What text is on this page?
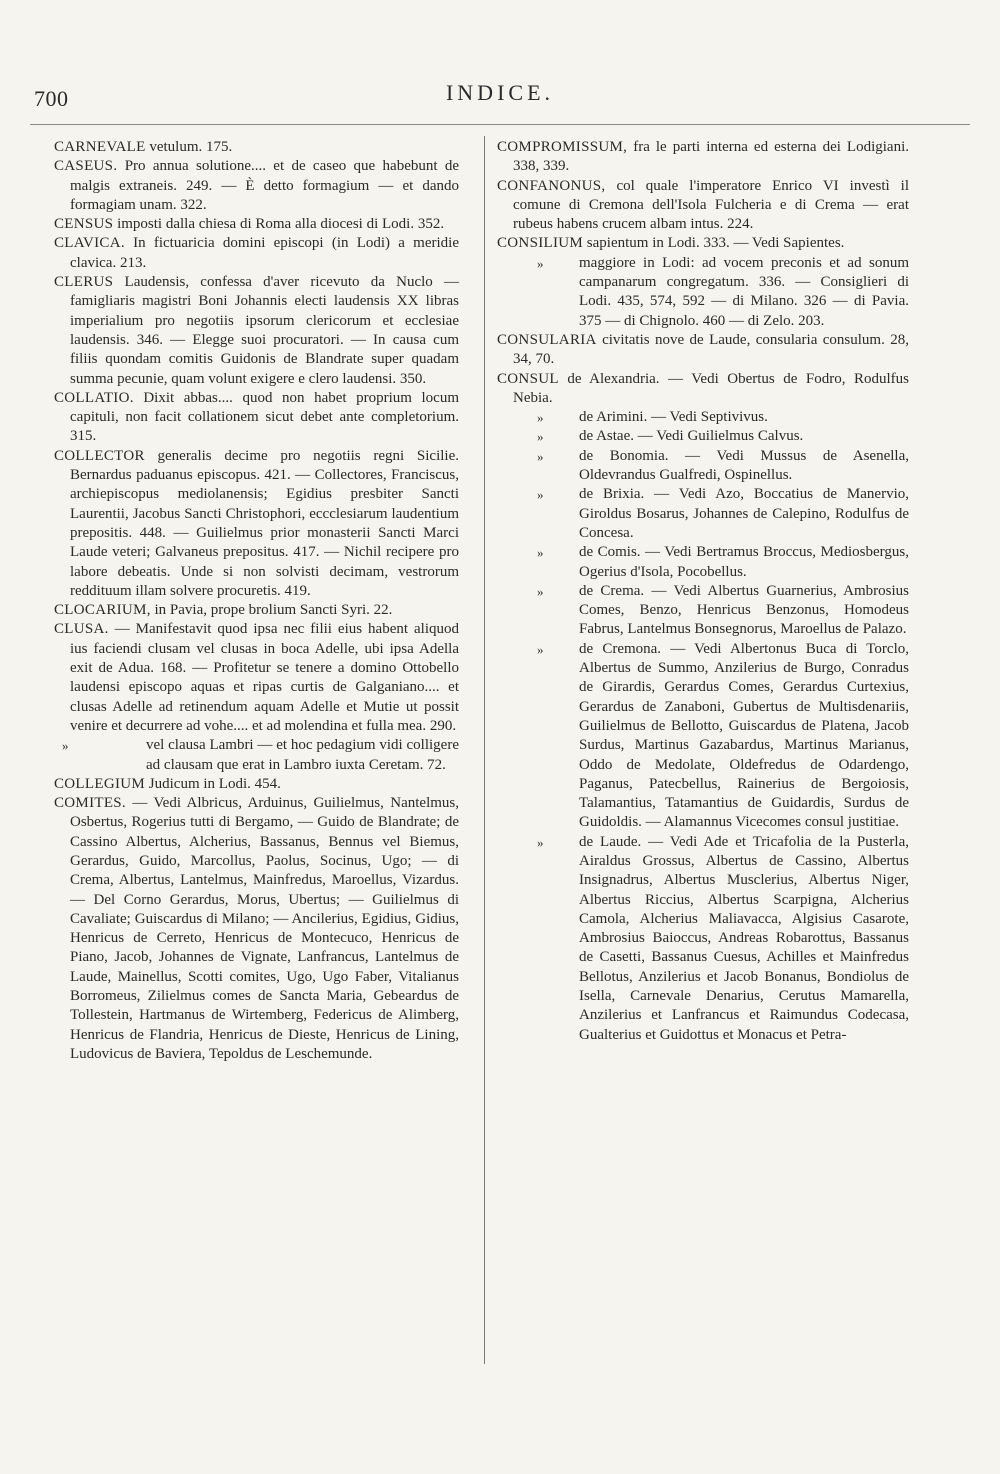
700	INDICE.

CARNEVALE vetulum. 175.

CASEUS. Pro annua solutione.... et de caseo que habebunt de malgis extraneis. 249. — È detto formagium — et dando formagiam unam. 322.

CENSUS imposti dalla chiesa di Roma alla diocesi di Lodi. 352.

CLAVICA. In fictuaricia domini episcopi (in Lodi) a meridie clavica. 213.

CLERUS Laudensis, confessa d'aver ricevuto da Nuclo — famigliaris magistri Boni Johannis electi laudensis XX libras imperialium pro negotiis ipsorum clericorum et ecclesiae laudensis. 346. — Elegge suoi procuratori. — In causa cum filiis quondam comitis Guidonis de Blandrate super quadam summa pecunie, quam volunt exigere e clero laudensi. 350.

COLLATIO. Dixit abbas.... quod non habet proprium locum capituli, non facit collationem sicut debet ante completorium. 315.

COLLECTOR generalis decime pro negotiis regni Sicilie. Bernardus paduanus episcopus. 421. — Collectores, Franciscus, archiepiscopus mediolanensis; Egidius presbiter Sancti Laurentii, Jacobus Sancti Christophori, eccclesiarum laudentium prepositis. 448. — Guilielmus prior monasterii Sancti Marci Laude veteri; Galvaneus prepositus. 417. — Nichil recipere pro labore debeatis. Unde si non solvisti decimam, vestrorum reddituum illam solvere procuretis. 419.

CLOCARIUM, in Pavia, prope brolium Sancti Syri. 22.

CLUSA. — Manifestavit quod ipsa nec filii eius habent aliquod ius faciendi clusam vel clusas in boca Adelle, ubi ipsa Adella exit de Adua. 168. — Profitetur se tenere a domino Ottobello laudensi episcopo aquas et ripas curtis de Galganiano.... et clusas Adelle ad retinendum aquam Adelle et Mutie ut possit venire et decurrere ad vohe.... et ad molendina et fulla mea. 290.

»	vel clausa Lambri — et hoc pedagium vidi colligere ad clausam que erat in Lambro iuxta Ceretam. 72.

COLLEGIUM Judicum in Lodi. 454.

COMITES. — Vedi Albricus, Arduinus, Guilielmus, Nantelmus, Osbertus, Rogerius tutti di Bergamo, — Guido de Blandrate; de Cassino Albertus, Alcherius, Bassanus, Bennus vel Biemus, Gerardus, Guido, Marcollus, Paolus, Socinus, Ugo; — di Crema, Albertus, Lantelmus, Mainfredus, Maroellus, Vizardus. — Del Corno Gerardus, Morus, Ubertus; — Guilielmus di Cavaliate; Guiscardus di Milano; — Ancilerius, Egidius, Gidius, Henricus de Cerreto, Henricus de Montecuco, Henricus de Piano, Jacob, Johannes de Vignate, Lanfrancus, Lantelmus de Laude, Mainellus, Scotti comites, Ugo, Ugo Faber, Vitalianus Borromeus, Zilielmus comes de Sancta Maria, Gebeardus de Tollestein, Hartmanus de Wirtemberg, Federicus de Alimberg, Henricus de Flandria, Henricus de Dieste, Henricus de Lining, Ludovicus de Baviera, Tepoldus de Leschemunde.

COMPROMISSUM, fra le parti interna ed esterna dei Lodigiani. 338, 339.

CONFANONUS, col quale l'imperatore Enrico VI investì il comune di Cremona dell'Isola Fulcheria e di Crema — erat rubeus habens crucem albam intus. 224.

CONSILIUM sapientum in Lodi. 333. — Vedi Sapientes.

» maggiore in Lodi: ad vocem preconis et ad sonum campanarum congregatum. 336. — Consiglieri di Lodi. 435, 574, 592 — di Milano. 326 — di Pavia. 375 — di Chignolo. 460 — di Zelo. 203.

CONSULARIA civitatis nove de Laude, consularia consulum. 28, 34, 70.

CONSUL de Alexandria. — Vedi Obertus de Fodro, Rodulfus Nebia.

» de Arimini. — Vedi Septivivus.

» de Astae. — Vedi Guilielmus Calvus.

» de Bonomia. — Vedi Mussus de Asenella, Oldevrandus Gualfredi, Ospinellus.

» de Brixia. — Vedi Azo, Boccatius de Manervio, Giroldus Bosarus, Johannes de Calepino, Rodulfus de Concesa.

» de Comis. — Vedi Bertramus Broccus, Mediosbergus, Ogerius d'Isola, Pocobellus.

» de Crema. — Vedi Albertus Guarnerius, Ambrosius Comes, Benzo, Henricus Benzonus, Homodeus Fabrus, Lantelmus Bonsegnorus, Maroellus de Palazo.

» de Cremona. — Vedi Albertonus Buca di Torclo, Albertus de Summo, Anzilerius de Burgo, Conradus de Girardis, Gerardus Comes, Gerardus Curtexius, Gerardus de Zanaboni, Gubertus de Multisdenariis, Guilielmus de Bellotto, Guiscardus de Platena, Jacob Surdus, Martinus Gazabardus, Martinus Marianus, Oddo de Medolate, Oldefredus de Odardengo, Paganus, Patecbellus, Rainerius de Bergoiosis, Talamantius, Tatamantius de Guidardis, Surdus de Guidoldis. — Alamannus Vicecomes consul justitiae.

» de Laude. — Vedi Ade et Tricafolia de la Pusterla, Airaldus Grossus, Albertus de Cassino, Albertus Insignadrus, Albertus Musclerius, Albertus Niger, Albertus Riccius, Albertus Scarpigna, Alcherius Camola, Alcherius Maliavacca, Algisius Casarote, Ambrosius Baioccus, Andreas Robarottus, Bassanus de Casetti, Bassanus Cuesus, Achilles et Mainfredus Bellotus, Anzilerius et Jacob Bonanus, Bondiolus de Isella, Carnevale Denarius, Cerutus Mamarella, Anzilerius et Lanfrancus et Raimundus Codecasa, Gualterius et Guidottus et Monacus et Petra-
